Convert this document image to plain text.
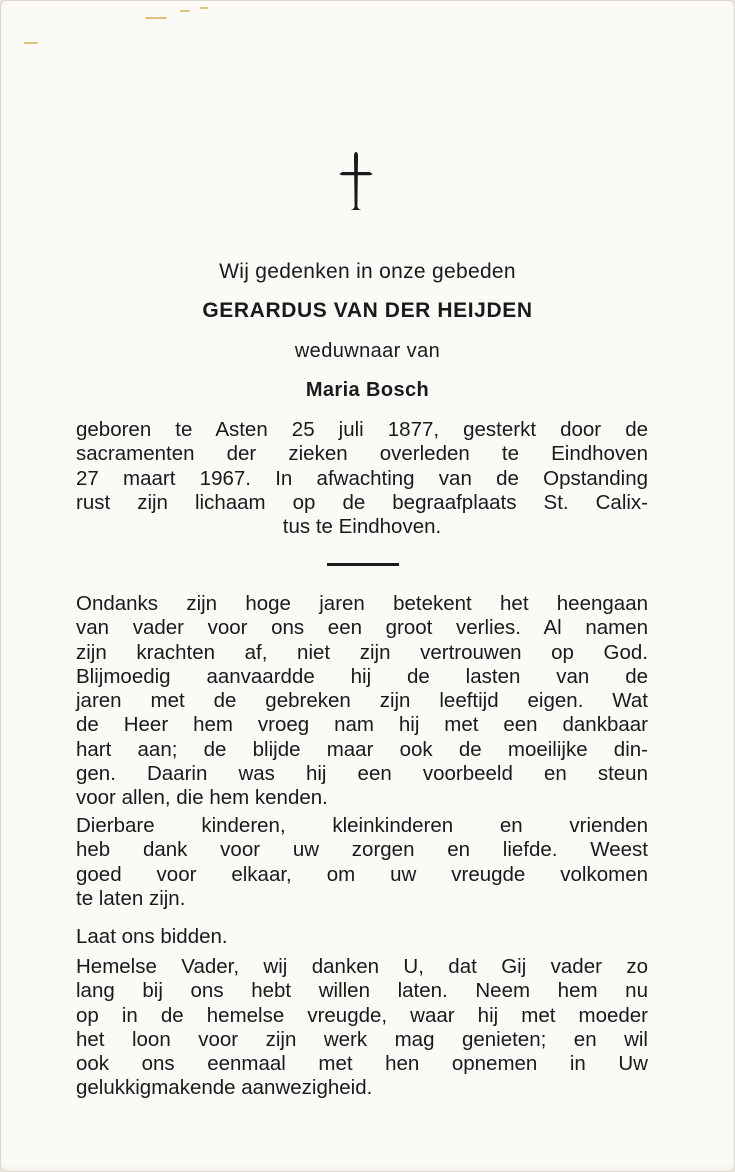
Wij gedenken in onze gebeden
GERARDUS VAN DER HEIJDEN
weduwnaar van
Maria Bosch
geboren te Asten 25 juli 1877, gesterkt door de
sacramenten der zieken overleden te Eindhoven
27 maart 1967. In afwachting van de Opstanding
rust zijn lichaam op de begraafplaats St. Calix-
tus te Eindhoven.
Ondanks zijn hoge jaren betekent het heengaan
van vader voor ons een groot verlies. Al namen
zijn krachten af, niet zijn vertrouwen op God.
Blijmoedig aanvaardde hij de lasten van de
jaren met de gebreken zijn leeftijd eigen. Wat
de Heer hem vroeg nam hij met een dankbaar
hart aan; de blijde maar ook de moeilijke din-
gen. Daarin was hij een voorbeeld en steun
voor allen, die hem kenden.
Dierbare kinderen, kleinkinderen en vrienden
heb dank voor uw zorgen en liefde. Weest
goed voor elkaar, om uw vreugde volkomen
te laten zijn.
Laat ons bidden.
Hemelse Vader, wij danken U, dat Gij vader zo
lang bij ons hebt willen laten. Neem hem nu
op in de hemelse vreugde, waar hij met moeder
het loon voor zijn werk mag genieten; en wil
ook ons eenmaal met hen opnemen in Uw
gelukkigmakende aanwezigheid.
